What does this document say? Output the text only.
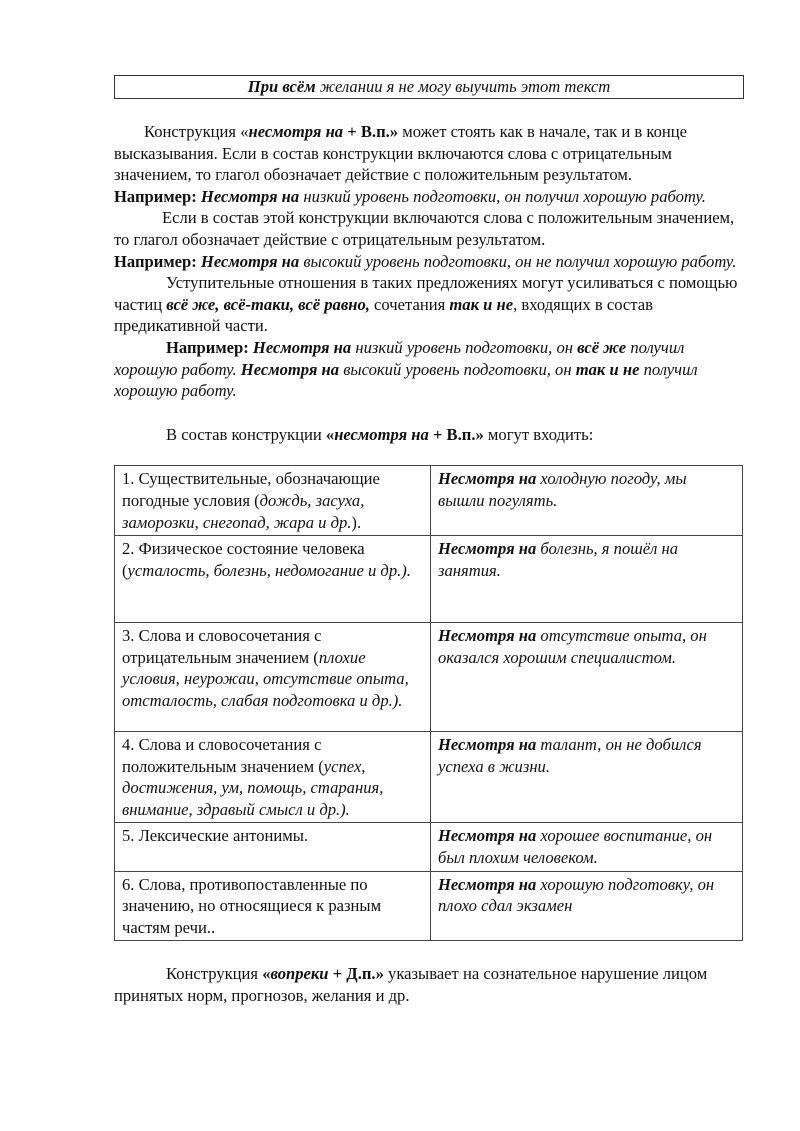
При всём желании я не могу выучить этот текст

Конструкция «несмотря на + В.п.» может стоять как в начале, так и в конце высказывания. Если в состав конструкции включаются слова с отрицательным значением, то глагол обозначает действие с положительным результатом.

Например: Несмотря на низкий уровень подготовки, он получил хорошую работу.

Если в состав этой конструкции включаются слова с положительным значением, то глагол обозначает действие с отрицательным результатом.

Например: Несмотря на высокий уровень подготовки, он не получил хорошую работу.

Уступительные отношения в таких предложениях могут усиливаться с помощью частиц всё же, всё-таки, всё равно, сочетания так и не, входящих в состав предикативной части.

Например: Несмотря на низкий уровень подготовки, он всё же получил хорошую работу. Несмотря на высокий уровень подготовки, он так и не получил хорошую работу.

В состав конструкции «несмотря на + В.п.» могут входить:

1. Существительные, обозначающие погодные условия (дождь, засуха, заморозки, снегопад, жара и др.).	Несмотря на холодную погоду, мы вышли погулять.
2. Физическое состояние человека (усталость, болезнь, недомогание и др.).	Несмотря на болезнь, я пошёл на занятия.
3. Слова и словосочетания с отрицательным значением (плохие условия, неурожаи, отсутствие опыта, отсталость, слабая подготовка и др.).	Несмотря на отсутствие опыта, он оказался хорошим специалистом.
4. Слова и словосочетания с положительным значением (успех, достижения, ум, помощь, старания, внимание, здравый смысл и др.).	Несмотря на талант, он не добился успеха в жизни.
5. Лексические антонимы.	Несмотря на хорошее воспитание, он был плохим человеком.
6. Слова, противопоставленные по значению, но относящиеся к разным частям речи..	Несмотря на хорошую подготовку, он плохо сдал экзамен

Конструкция «вопреки + Д.п.» указывает на сознательное нарушение лицом принятых норм, прогнозов, желания и др.
